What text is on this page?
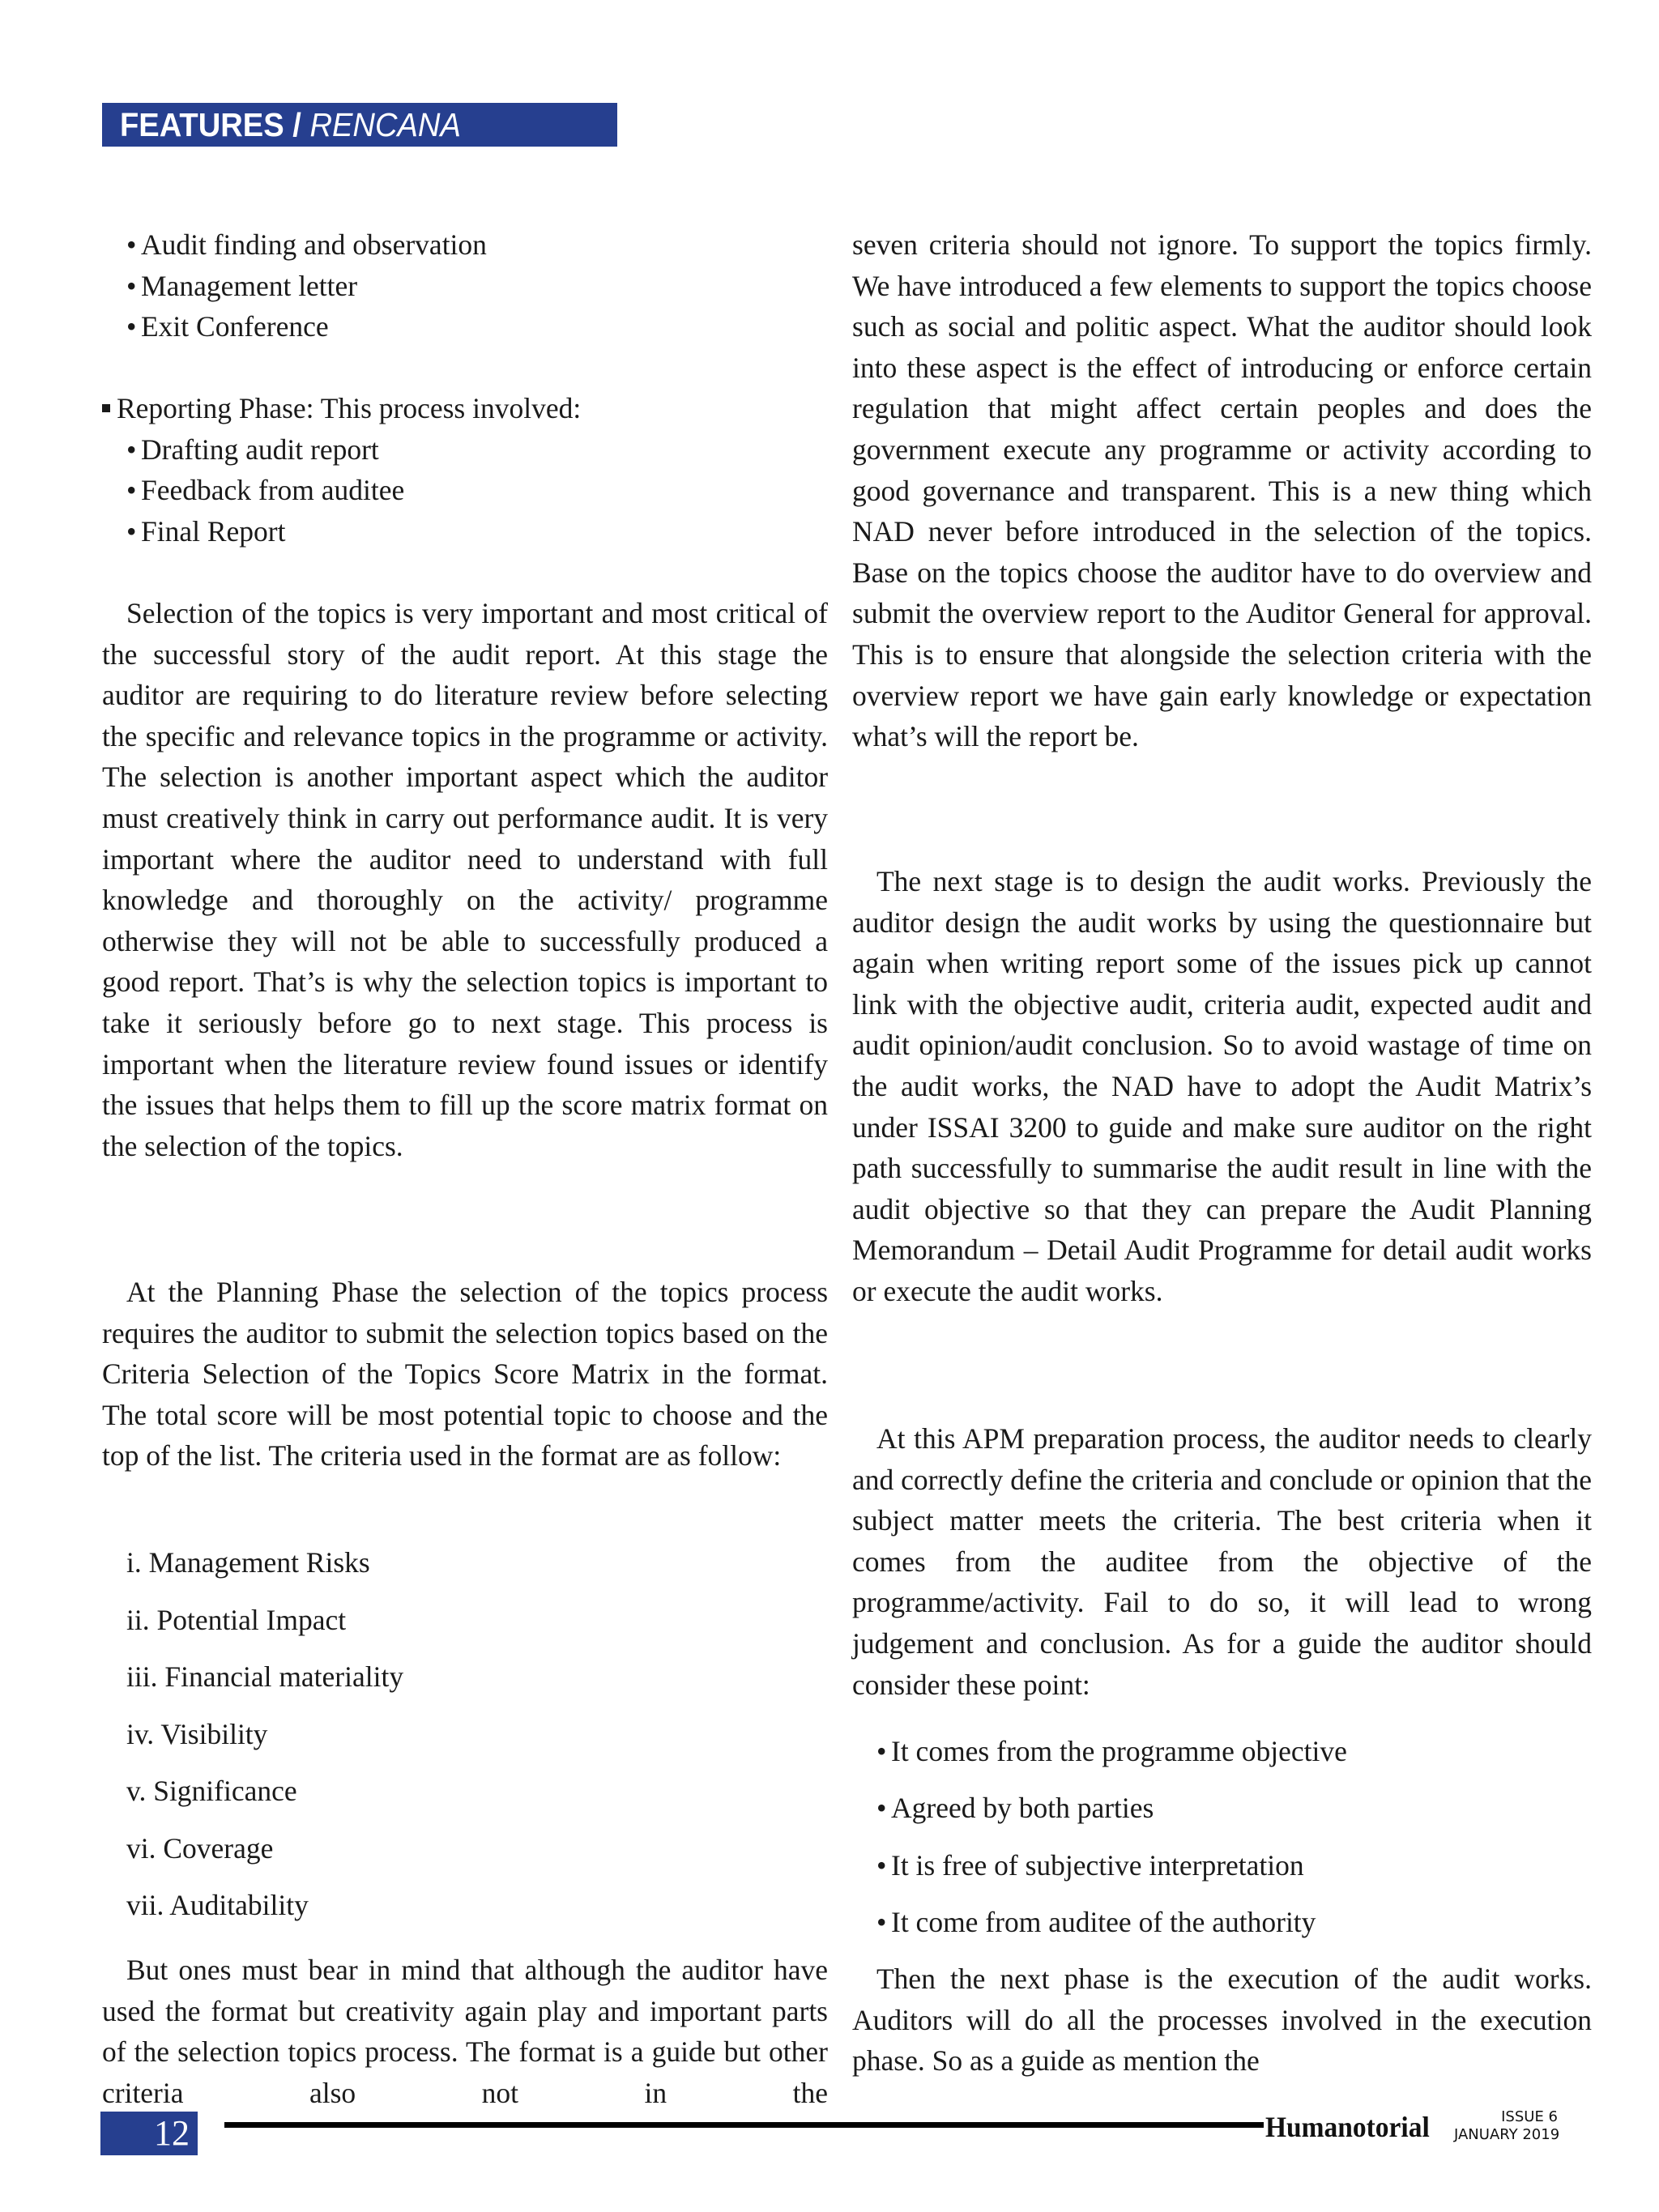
FEATURES / RENCANA
• Audit finding and observation
• Management letter
• Exit Conference
Reporting Phase: This process involved:
• Drafting audit report
• Feedback from auditee
• Final Report

Selection of the topics is very important and most critical of the successful story of the audit report. At this stage the auditor are requiring to do literature review before selecting the specific and relevance topics in the programme or activity. The selection is another important aspect which the auditor must creatively think in carry out performance audit. It is very important where the auditor need to understand with full knowledge and thoroughly on the activity/ programme otherwise they will not be able to successfully produced a good report. That’s is why the selection topics is important to take it seriously before go to next stage. This process is important when the literature review found issues or identify the issues that helps them to fill up the score matrix format on the selection of the topics.

At the Planning Phase the selection of the topics process requires the auditor to submit the selection topics based on the Criteria Selection of the Topics Score Matrix in the format. The total score will be most potential topic to choose and the top of the list. The criteria used in the format are as follow:

i. Management Risks
ii. Potential Impact
iii. Financial materiality
iv. Visibility
v. Significance
vi. Coverage
vii. Auditability

But ones must bear in mind that although the auditor have used the format but creativity again play and important parts of the selection topics process. The format is a guide but other criteria also not in the

seven criteria should not ignore. To support the topics firmly. We have introduced a few elements to support the topics choose such as social and politic aspect. What the auditor should look into these aspect is the effect of introducing or enforce certain regulation that might affect certain peoples and does the government execute any programme or activity according to good governance and transparent. This is a new thing which NAD never before introduced in the selection of the topics. Base on the topics choose the auditor have to do overview and submit the overview report to the Auditor General for approval. This is to ensure that alongside the selection criteria with the overview report we have gain early knowledge or expectation what’s will the report be.

The next stage is to design the audit works. Previously the auditor design the audit works by using the questionnaire but again when writing report some of the issues pick up cannot link with the objective audit, criteria audit, expected audit and audit opinion/audit conclusion. So to avoid wastage of time on the audit works, the NAD have to adopt the Audit Matrix’s under ISSAI 3200 to guide and make sure auditor on the right path successfully to summarise the audit result in line with the audit objective so that they can prepare the Audit Planning Memorandum – Detail Audit Programme for detail audit works or execute the audit works.

At this APM preparation process, the auditor needs to clearly and correctly define the criteria and conclude or opinion that the subject matter meets the criteria. The best criteria when it comes from the auditee from the objective of the programme/activity. Fail to do so, it will lead to wrong judgement and conclusion. As for a guide the auditor should consider these point:

• It comes from the programme objective
• Agreed by both parties
• It is free of subjective interpretation
• It come from auditee of the authority

Then the next phase is the execution of the audit works. Auditors will do all the processes involved in the execution phase. So as a guide as mention the

12	Humanotorial	ISSUE 6
JANUARY 2019
